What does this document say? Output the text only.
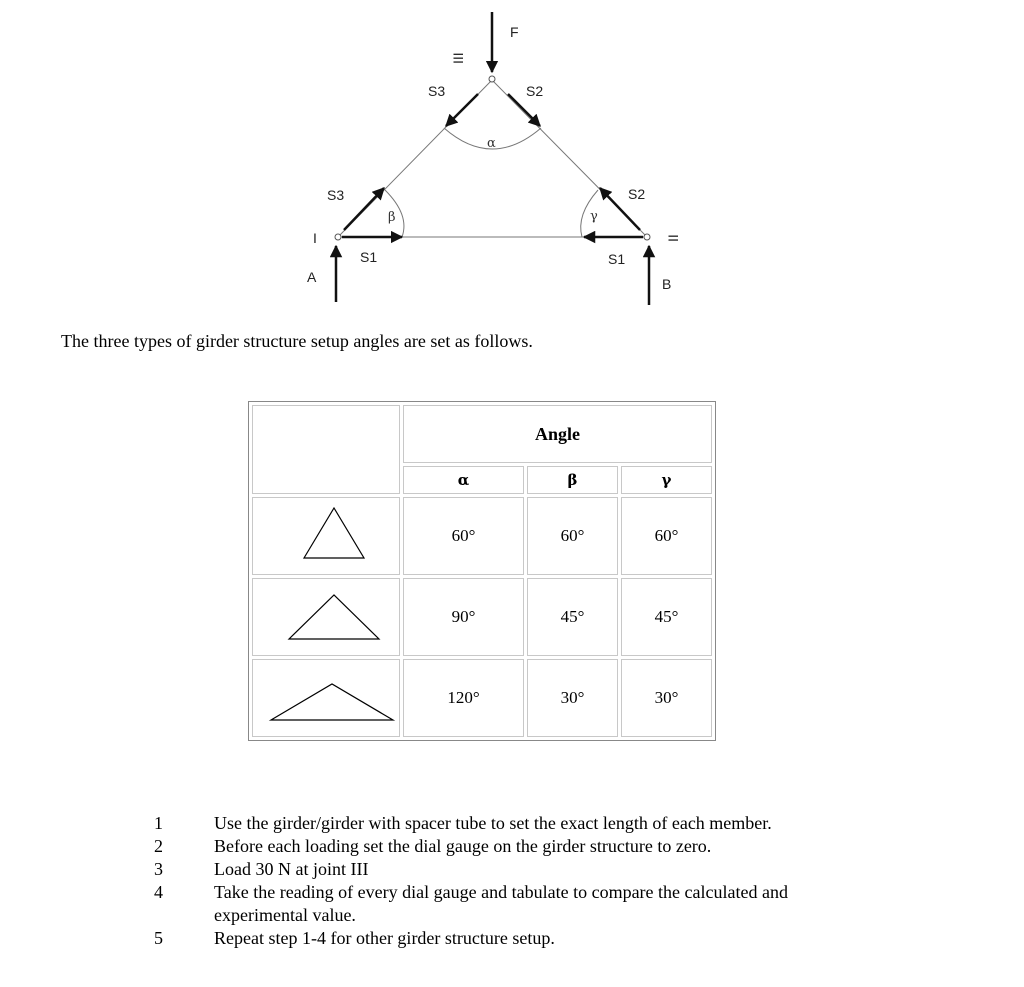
F
III
S3	S2
α
S3	S2
β	γ
I	II
S1	S1
A	B

The three types of girder structure setup angles are set as follows.

	Angle		
	α	β	γ
	60°	60°	60°
	90°	45°	45°
	120°	30°	30°
1	Use the girder/girder with spacer tube to set the exact length of each member.
2	Before each loading set the dial gauge on the girder structure to zero.
3	Load 30 N at joint III
4	Take the reading of every dial gauge and tabulate to compare the calculated and experimental value.
5	Repeat step 1-4 for other girder structure setup.
